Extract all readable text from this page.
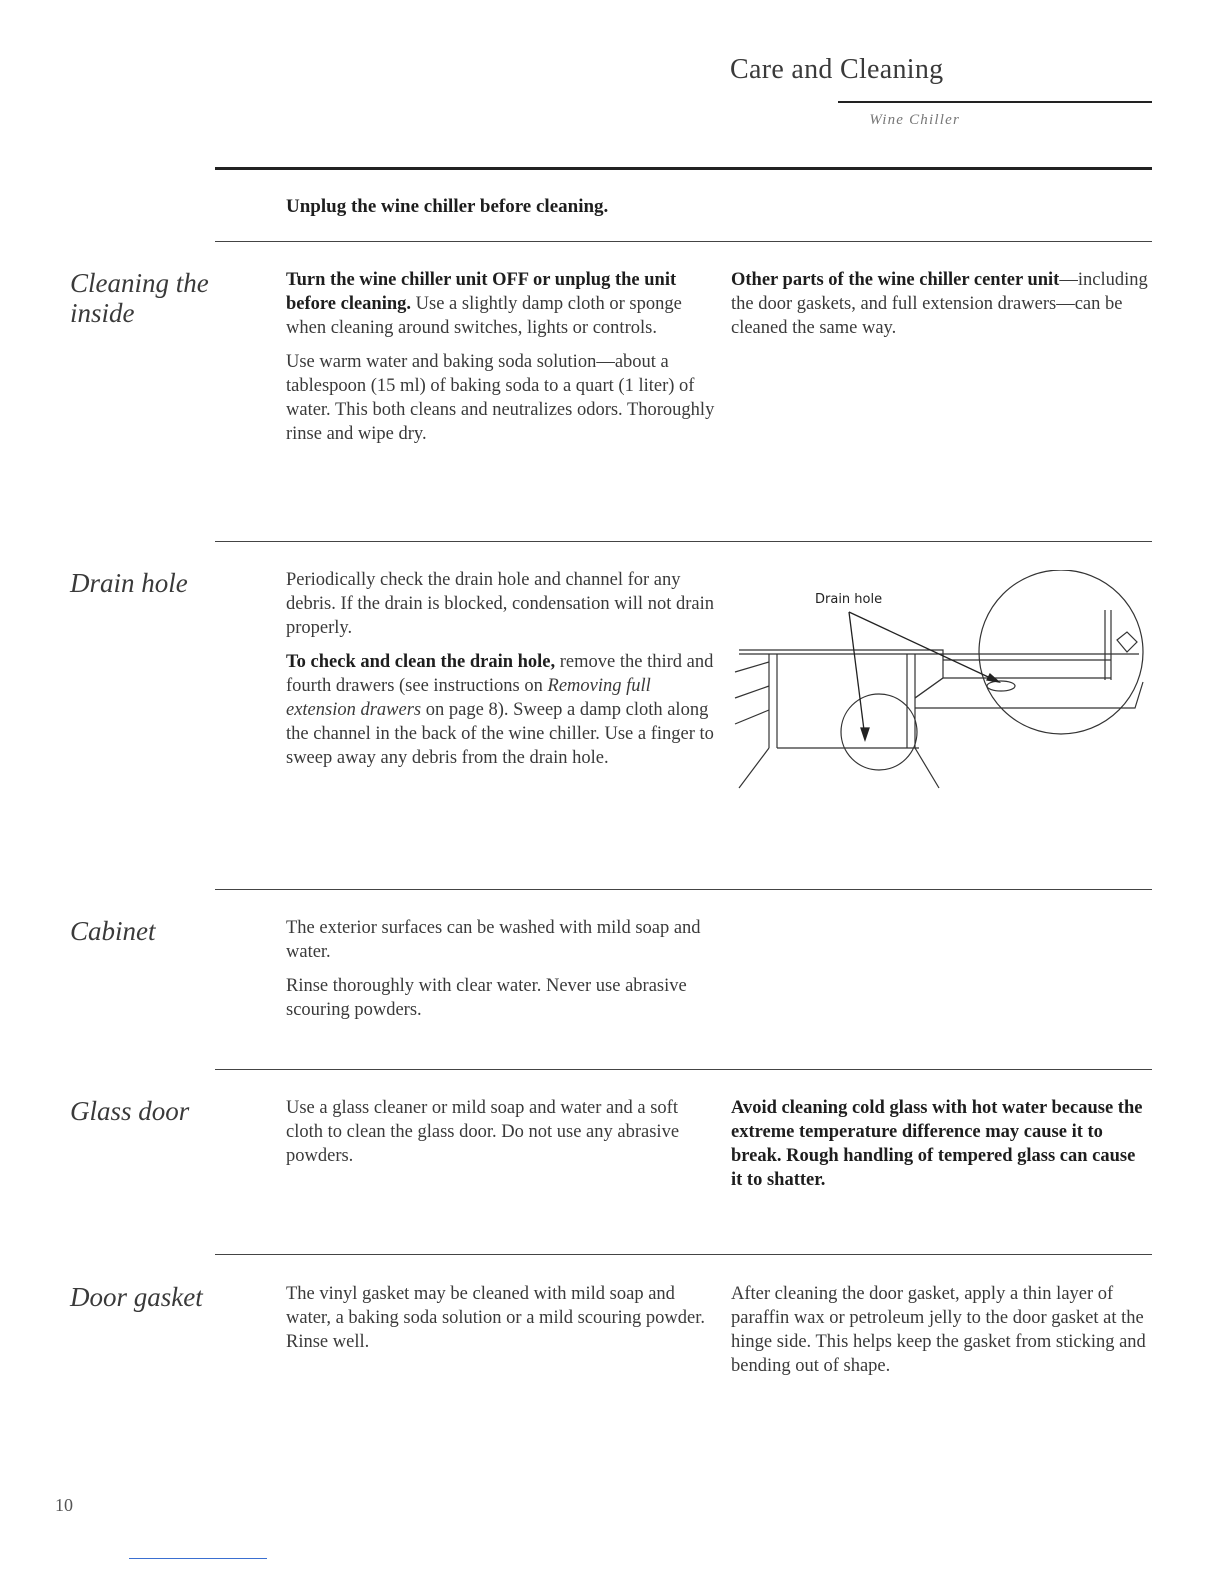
Care and Cleaning
Wine Chiller
Unplug the wine chiller before cleaning.
Cleaning the inside

Turn the wine chiller unit OFF or unplug the unit before cleaning. Use a slightly damp cloth or sponge when cleaning around switches, lights or controls.

Use warm water and baking soda solution—about a tablespoon (15 ml) of baking soda to a quart (1 liter) of water. This both cleans and neutralizes odors. Thoroughly rinse and wipe dry.

Other parts of the wine chiller center unit—including the door gaskets, and full extension drawers—can be cleaned the same way.

Drain hole	Periodically check the drain hole and channel for any debris. If the drain is blocked, condensation will not drain properly.

To check and clean the drain hole, remove the third and fourth drawers (see instructions on Removing full extension drawers on page 8). Sweep a damp cloth along the channel in the back of the wine chiller. Use a finger to sweep away any debris from the drain hole.

Drain hole
Cabinet	The exterior surfaces can be washed with mild soap and water.

Rinse thoroughly with clear water. Never use abrasive scouring powders.

Glass door	Use a glass cleaner or mild soap and water and a soft cloth to clean the glass door. Do not use any abrasive powders.

Avoid cleaning cold glass with hot water because the extreme temperature difference may cause it to break. Rough handling of tempered glass can cause it to shatter.

Door gasket	The vinyl gasket may be cleaned with mild soap and water, a baking soda solution or a mild scouring powder. Rinse well.

After cleaning the door gasket, apply a thin layer of paraffin wax or petroleum jelly to the door gasket at the hinge side. This helps keep the gasket from sticking and bending out of shape.

10
